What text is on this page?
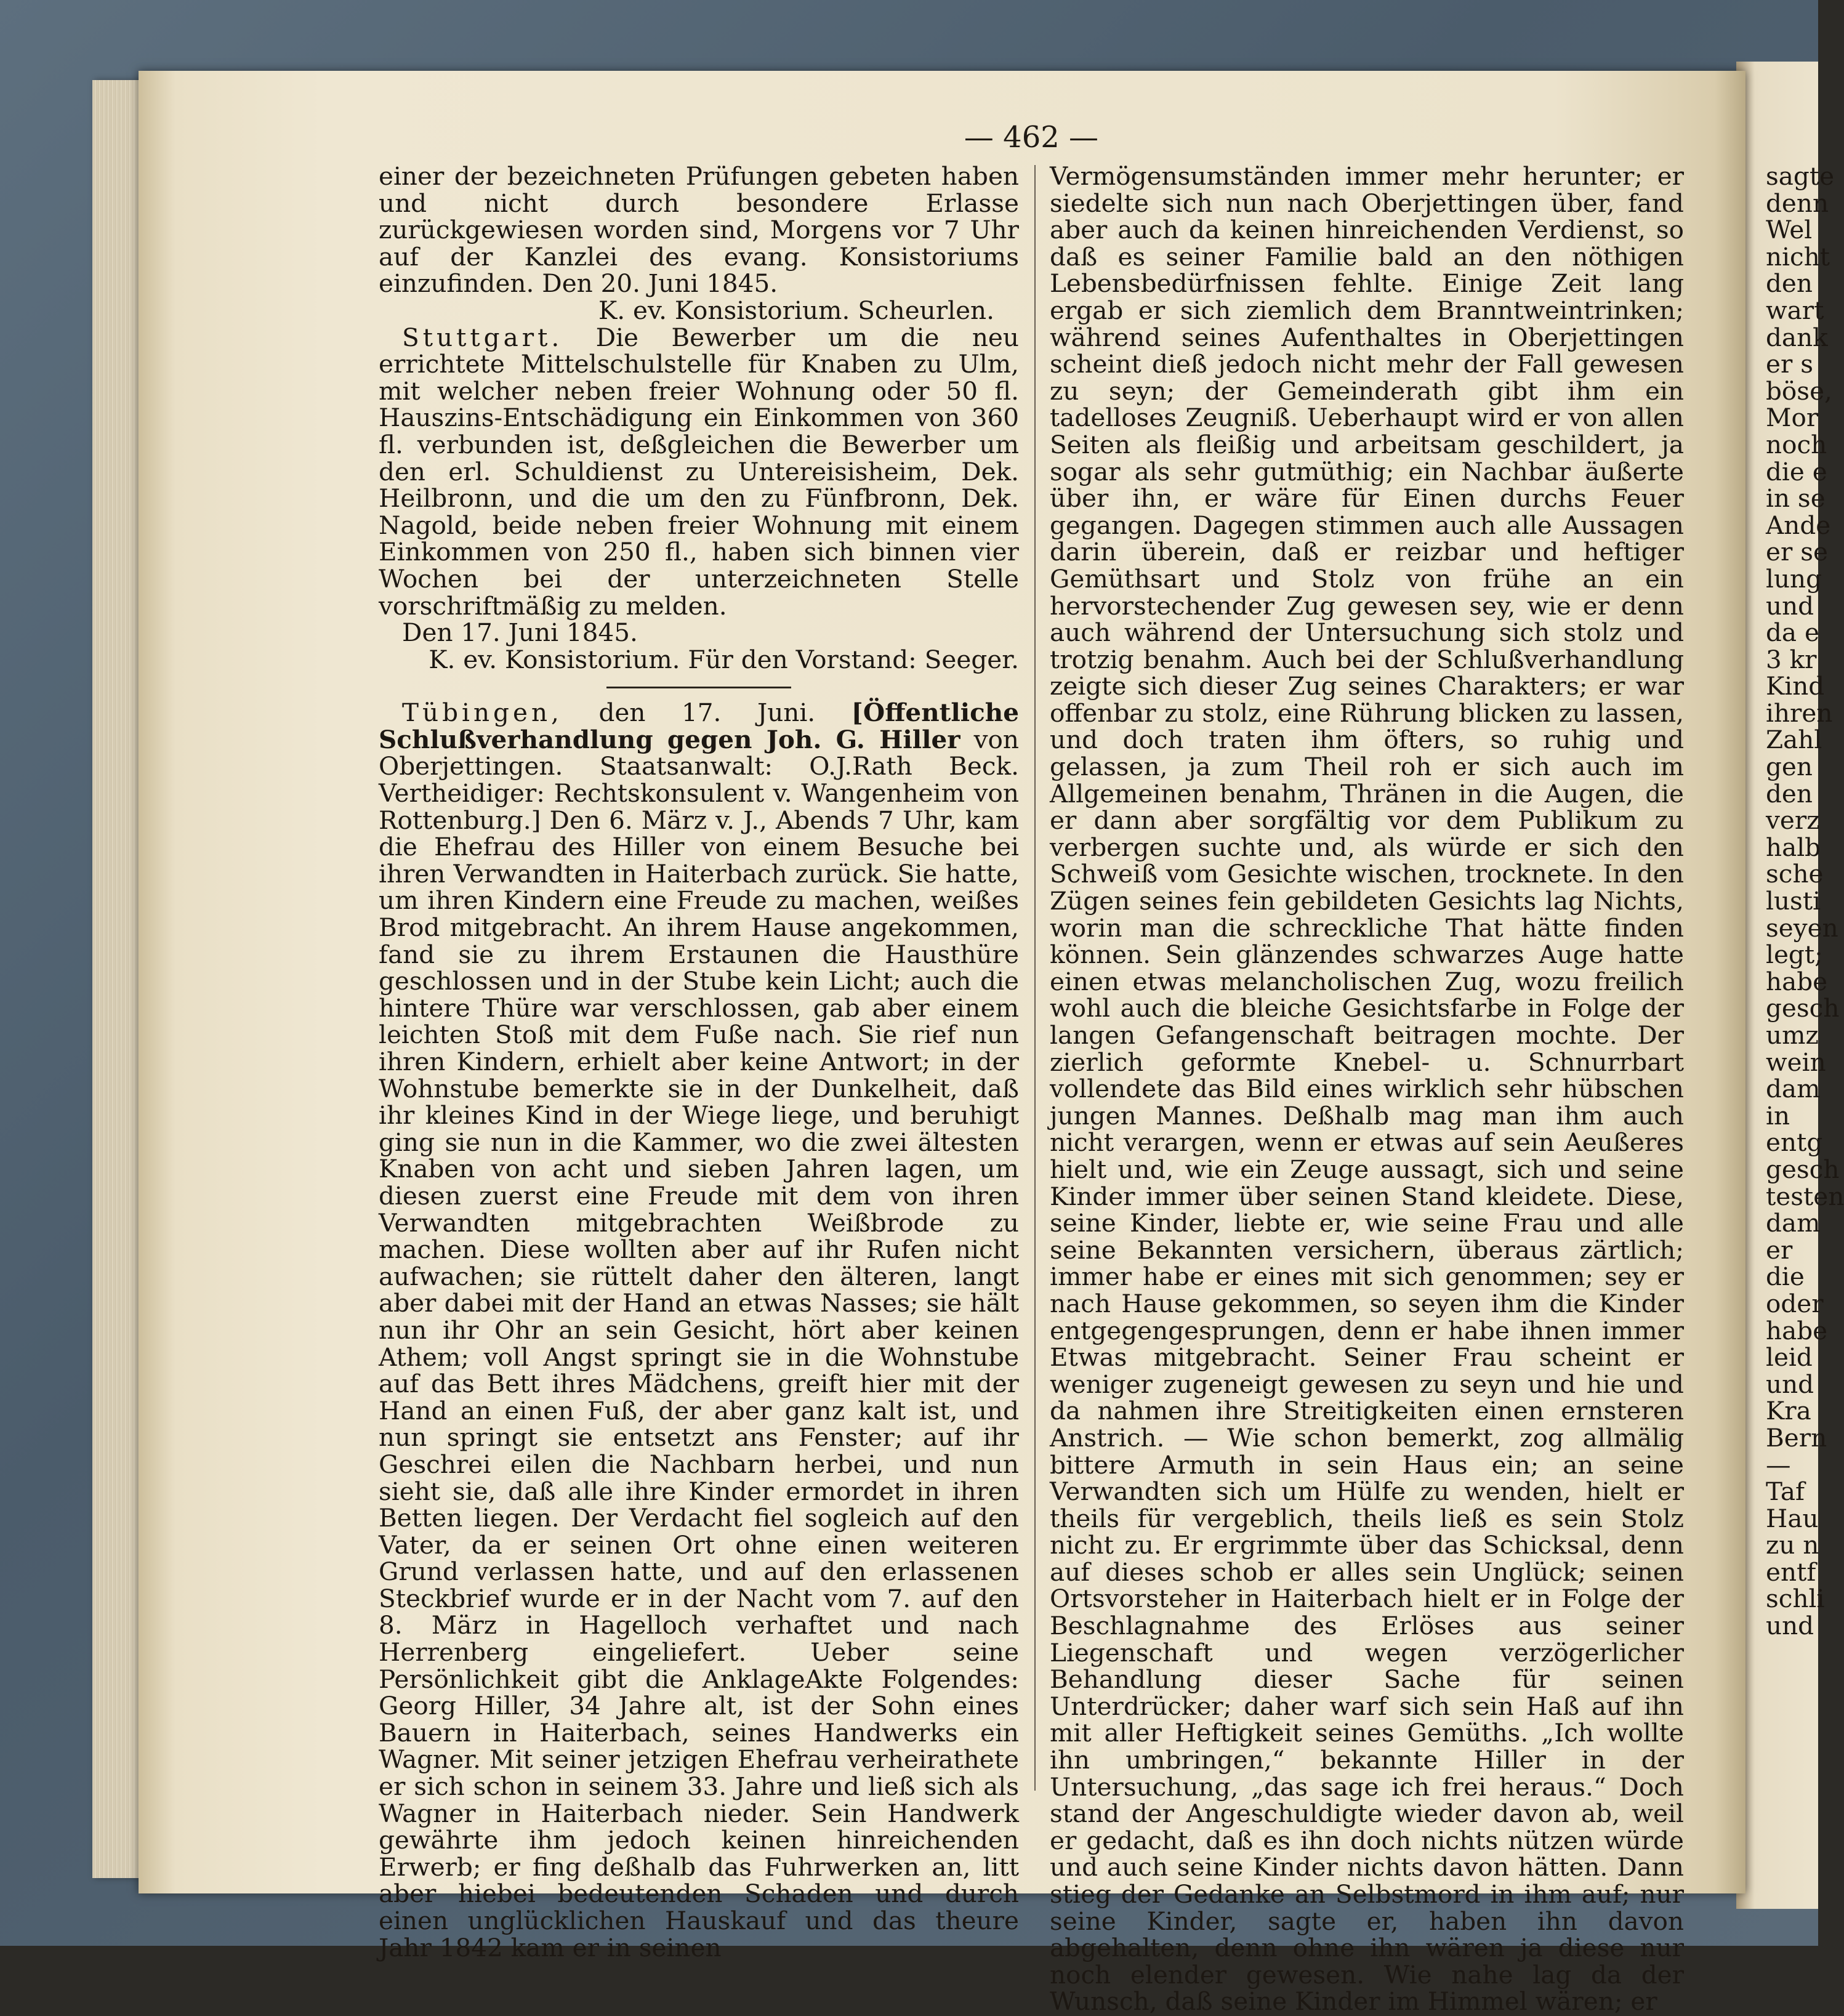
— 462 —

einer der bezeichneten Prüfungen gebeten haben und nicht durch besondere Erlasse zurückgewiesen worden sind, Morgens vor 7 Uhr auf der Kanzlei des evang. Konsistoriums einzufinden. Den 20. Juni 1845.

K. ev. Konsistorium. Scheurlen.

Stuttgart. Die Bewerber um die neu errichtete Mittelschulstelle für Knaben zu Ulm, mit welcher neben freier Wohnung oder 50 fl. Hauszins-Entschädigung ein Einkommen von 360 fl. verbunden ist, deßgleichen die Bewerber um den erl. Schuldienst zu Untereisisheim, Dek. Heilbronn, und die um den zu Fünfbronn, Dek. Nagold, beide neben freier Wohnung mit einem Einkommen von 250 fl., haben sich binnen vier Wochen bei der unterzeichneten Stelle vorschriftmäßig zu melden.

Den 17. Juni 1845.

K. ev. Konsistorium. Für den Vorstand: Seeger.

Tübingen, den 17. Juni. [Öffentliche Schlußverhandlung gegen Joh. G. Hiller von Oberjettingen. Staatsanwalt: O.J.Rath Beck. Vertheidiger: Rechtskonsulent v. Wangenheim von Rottenburg.] Den 6. März v. J., Abends 7 Uhr, kam die Ehefrau des Hiller von einem Besuche bei ihren Verwandten in Haiterbach zurück. Sie hatte, um ihren Kindern eine Freude zu machen, weißes Brod mitgebracht. An ihrem Hause angekommen, fand sie zu ihrem Erstaunen die Hausthüre geschlossen und in der Stube kein Licht; auch die hintere Thüre war verschlossen, gab aber einem leichten Stoß mit dem Fuße nach. Sie rief nun ihren Kindern, erhielt aber keine Antwort; in der Wohnstube bemerkte sie in der Dunkelheit, daß ihr kleines Kind in der Wiege liege, und beruhigt ging sie nun in die Kammer, wo die zwei ältesten Knaben von acht und sieben Jahren lagen, um diesen zuerst eine Freude mit dem von ihren Verwandten mitgebrachten Weißbrode zu machen. Diese wollten aber auf ihr Rufen nicht aufwachen; sie rüttelt daher den älteren, langt aber dabei mit der Hand an etwas Nasses; sie hält nun ihr Ohr an sein Gesicht, hört aber keinen Athem; voll Angst springt sie in die Wohnstube auf das Bett ihres Mädchens, greift hier mit der Hand an einen Fuß, der aber ganz kalt ist, und nun springt sie entsetzt ans Fenster; auf ihr Geschrei eilen die Nachbarn herbei, und nun sieht sie, daß alle ihre Kinder ermordet in ihren Betten liegen. Der Verdacht fiel sogleich auf den Vater, da er seinen Ort ohne einen weiteren Grund verlassen hatte, und auf den erlassenen Steckbrief wurde er in der Nacht vom 7. auf den 8. März in Hagelloch verhaftet und nach Herrenberg eingeliefert. Ueber seine Persönlichkeit gibt die AnklageAkte Folgendes: Georg Hiller, 34 Jahre alt, ist der Sohn eines Bauern in Haiterbach, seines Handwerks ein Wagner. Mit seiner jetzigen Ehefrau verheirathete er sich schon in seinem 33. Jahre und ließ sich als Wagner in Haiterbach nieder. Sein Handwerk gewährte ihm jedoch keinen hinreichenden Erwerb; er fing deßhalb das Fuhrwerken an, litt aber hiebei bedeutenden Schaden und durch einen unglücklichen Hauskauf und das theure Jahr 1842 kam er in seinen

Vermögensumständen immer mehr herunter; er siedelte sich nun nach Oberjettingen über, fand aber auch da keinen hinreichenden Verdienst, so daß es seiner Familie bald an den nöthigen Lebensbedürfnissen fehlte. Einige Zeit lang ergab er sich ziemlich dem Branntweintrinken; während seines Aufenthaltes in Oberjettingen scheint dieß jedoch nicht mehr der Fall gewesen zu seyn; der Gemeinderath gibt ihm ein tadelloses Zeugniß. Ueberhaupt wird er von allen Seiten als fleißig und arbeitsam geschildert, ja sogar als sehr gutmüthig; ein Nachbar äußerte über ihn, er wäre für Einen durchs Feuer gegangen. Dagegen stimmen auch alle Aussagen darin überein, daß er reizbar und heftiger Gemüthsart und Stolz von frühe an ein hervorstechender Zug gewesen sey, wie er denn auch während der Untersuchung sich stolz und trotzig benahm. Auch bei der Schlußverhandlung zeigte sich dieser Zug seines Charakters; er war offenbar zu stolz, eine Rührung blicken zu lassen, und doch traten ihm öfters, so ruhig und gelassen, ja zum Theil roh er sich auch im Allgemeinen benahm, Thränen in die Augen, die er dann aber sorgfältig vor dem Publikum zu verbergen suchte und, als würde er sich den Schweiß vom Gesichte wischen, trocknete. In den Zügen seines fein gebildeten Gesichts lag Nichts, worin man die schreckliche That hätte finden können. Sein glänzendes schwarzes Auge hatte einen etwas melancholischen Zug, wozu freilich wohl auch die bleiche Gesichtsfarbe in Folge der langen Gefangenschaft beitragen mochte. Der zierlich geformte Knebel- u. Schnurrbart vollendete das Bild eines wirklich sehr hübschen jungen Mannes. Deßhalb mag man ihm auch nicht verargen, wenn er etwas auf sein Aeußeres hielt und, wie ein Zeuge aussagt, sich und seine Kinder immer über seinen Stand kleidete. Diese, seine Kinder, liebte er, wie seine Frau und alle seine Bekannten versichern, überaus zärtlich; immer habe er eines mit sich genommen; sey er nach Hause gekommen, so seyen ihm die Kinder entgegengesprungen, denn er habe ihnen immer Etwas mitgebracht. Seiner Frau scheint er weniger zugeneigt gewesen zu seyn und hie und da nahmen ihre Streitigkeiten einen ernsteren Anstrich. — Wie schon bemerkt, zog allmälig bittere Armuth in sein Haus ein; an seine Verwandten sich um Hülfe zu wenden, hielt er theils für vergeblich, theils ließ es sein Stolz nicht zu. Er ergrimmte über das Schicksal, denn auf dieses schob er alles sein Unglück; seinen Ortsvorsteher in Haiterbach hielt er in Folge der Beschlagnahme des Erlöses aus seiner Liegenschaft und wegen verzögerlicher Behandlung dieser Sache für seinen Unterdrücker; daher warf sich sein Haß auf ihn mit aller Heftigkeit seines Gemüths. „Ich wollte ihn umbringen,“ bekannte Hiller in der Untersuchung, „das sage ich frei heraus.“ Doch stand der Angeschuldigte wieder davon ab, weil er gedacht, daß es ihn doch nichts nützen würde und auch seine Kinder nichts davon hätten. Dann stieg der Gedanke an Selbstmord in ihm auf; nur seine Kinder, sagte er, haben ihn davon abgehalten, denn ohne ihn wären ja diese nur noch elender gewesen. Wie nahe lag da der Wunsch, daß seine Kinder im Himmel wären; er

sagte
denn
Wel
nicht
den
wart
dank
er s
böse,
Mor
noch
die e
in se
Ande
er se
lung
und
da e
3 kr
Kind
ihren
Zahl
gen
den
verz
halb
sche
lusti
seyen
legt;
habe
gesch
umz
wein
dam
in
entg
gesch
testen
dam
er
die
oder
habe
leid
und
Kra
Bern
—
Taf
Hau
zu n
entf
schli
und
